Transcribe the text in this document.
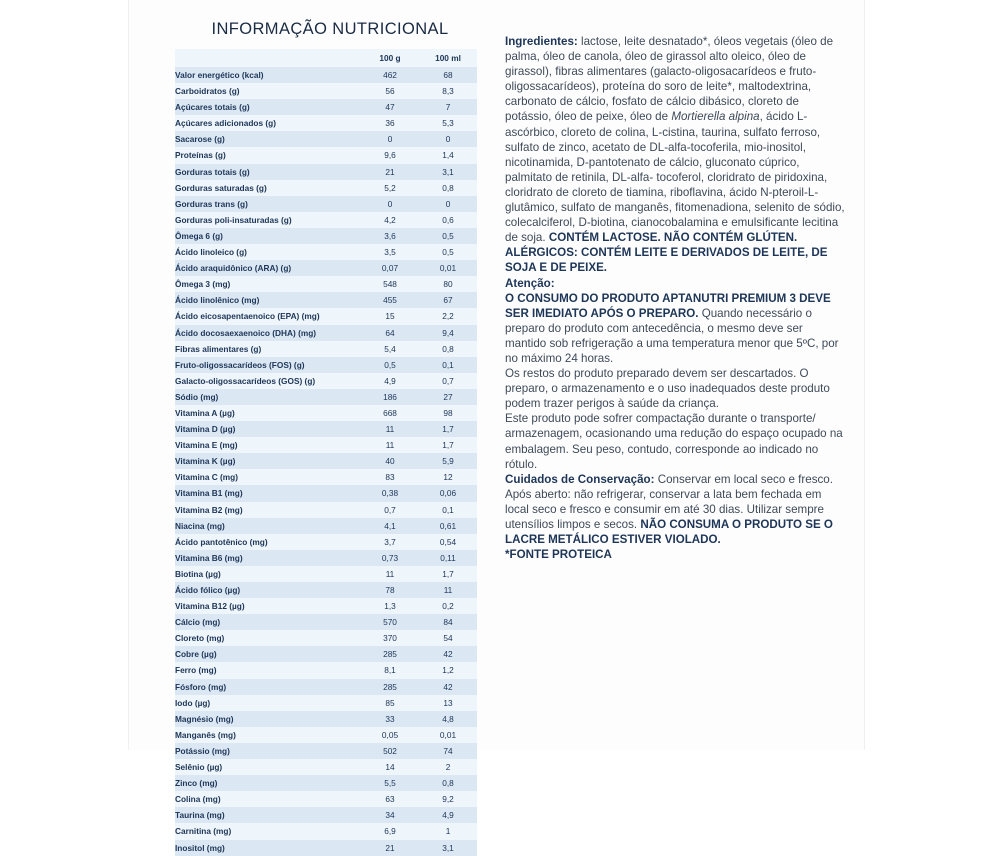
INFORMAÇÃO NUTRICIONAL
	100 g	100 ml
Valor energético (kcal)	462	68
Carboidratos (g)	56	8,3
Açúcares totais (g)	47	7
Açúcares adicionados (g)	36	5,3
Sacarose (g)	0	0
Proteínas (g)	9,6	1,4
Gorduras totais (g)	21	3,1
Gorduras saturadas (g)	5,2	0,8
Gorduras trans (g)	0	0
Gorduras poli-insaturadas (g)	4,2	0,6
Ômega 6 (g)	3,6	0,5
Ácido linoleico (g)	3,5	0,5
Ácido araquidônico (ARA) (g)	0,07	0,01
Ômega 3 (mg)	548	80
Ácido linolênico (mg)	455	67
Ácido eicosapentaenoico (EPA) (mg)	15	2,2
Ácido docosaexaenoico (DHA) (mg)	64	9,4
Fibras alimentares (g)	5,4	0,8
Fruto-oligossacarídeos (FOS) (g)	0,5	0,1
Galacto-oligossacarídeos (GOS) (g)	4,9	0,7
Sódio (mg)	186	27
Vitamina A (µg)	668	98
Vitamina D (µg)	11	1,7
Vitamina E (mg)	11	1,7
Vitamina K (µg)	40	5,9
Vitamina C (mg)	83	12
Vitamina B1 (mg)	0,38	0,06
Vitamina B2 (mg)	0,7	0,1
Niacina (mg)	4,1	0,61
Ácido pantotênico (mg)	3,7	0,54
Vitamina B6 (mg)	0,73	0,11
Biotina (µg)	11	1,7
Ácido fólico (µg)	78	11
Vitamina B12 (µg)	1,3	0,2
Cálcio (mg)	570	84
Cloreto (mg)	370	54
Cobre (µg)	285	42
Ferro (mg)	8,1	1,2
Fósforo (mg)	285	42
Iodo (µg)	85	13
Magnésio (mg)	33	4,8
Manganês (mg)	0,05	0,01
Potássio (mg)	502	74
Selênio (µg)	14	2
Zinco (mg)	5,5	0,8
Colina (mg)	63	9,2
Taurina (mg)	34	4,9
Carnitina (mg)	6,9	1
Inositol (mg)	21	3,1

Ingredientes: lactose, leite desnatado*, óleos vegetais (óleo de palma, óleo de canola, óleo de girassol alto oleico, óleo de girassol), fibras alimentares (galacto-oligosacarídeos e fruto-oligossacarídeos), proteína do soro de leite*, maltodextrina, carbonato de cálcio, fosfato de cálcio dibásico, cloreto de potássio, óleo de peixe, óleo de Mortierella alpina, ácido L-ascórbico, cloreto de colina, L-cistina, taurina, sulfato ferroso, sulfato de zinco, acetato de DL-alfa-tocoferila, mio-inositol, nicotinamida, D-pantotenato de cálcio, gluconato cúprico, palmitato de retinila, DL-alfa- tocoferol, cloridrato de piridoxina, cloridrato de cloreto de tiamina, riboflavina, ácido N-pteroil-L-glutâmico, sulfato de manganês, fitomenadiona, selenito de sódio, colecalciferol, D-biotina, cianocobalamina e emulsificante lecitina de soja. CONTÉM LACTOSE. NÃO CONTÉM GLÚTEN. ALÉRGICOS: CONTÉM LEITE E DERIVADOS DE LEITE, DE SOJA E DE PEIXE.

Atenção:

O CONSUMO DO PRODUTO APTANUTRI PREMIUM 3 DEVE SER IMEDIATO APÓS O PREPARO. Quando necessário o preparo do produto com antecedência, o mesmo deve ser mantido sob refrigeração a uma temperatura menor que 5ºC, por no máximo 24 horas.

Os restos do produto preparado devem ser descartados. O preparo, o armazenamento e o uso inadequados deste produto podem trazer perigos à saúde da criança.

Este produto pode sofrer compactação durante o transporte/ armazenagem, ocasionando uma redução do espaço ocupado na embalagem. Seu peso, contudo, corresponde ao indicado no rótulo.

Cuidados de Conservação: Conservar em local seco e fresco. Após aberto: não refrigerar, conservar a lata bem fechada em local seco e fresco e consumir em até 30 dias. Utilizar sempre utensílios limpos e secos. NÃO CONSUMA O PRODUTO SE O LACRE METÁLICO ESTIVER VIOLADO.

*FONTE PROTEICA
